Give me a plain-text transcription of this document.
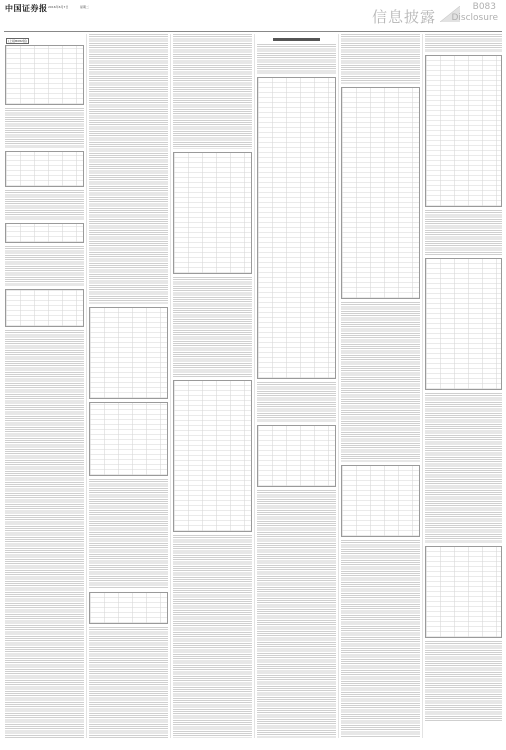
中国证券报 2016年6月7日	星期二
信息披露
B083
Disclosure
(上接B082版)
